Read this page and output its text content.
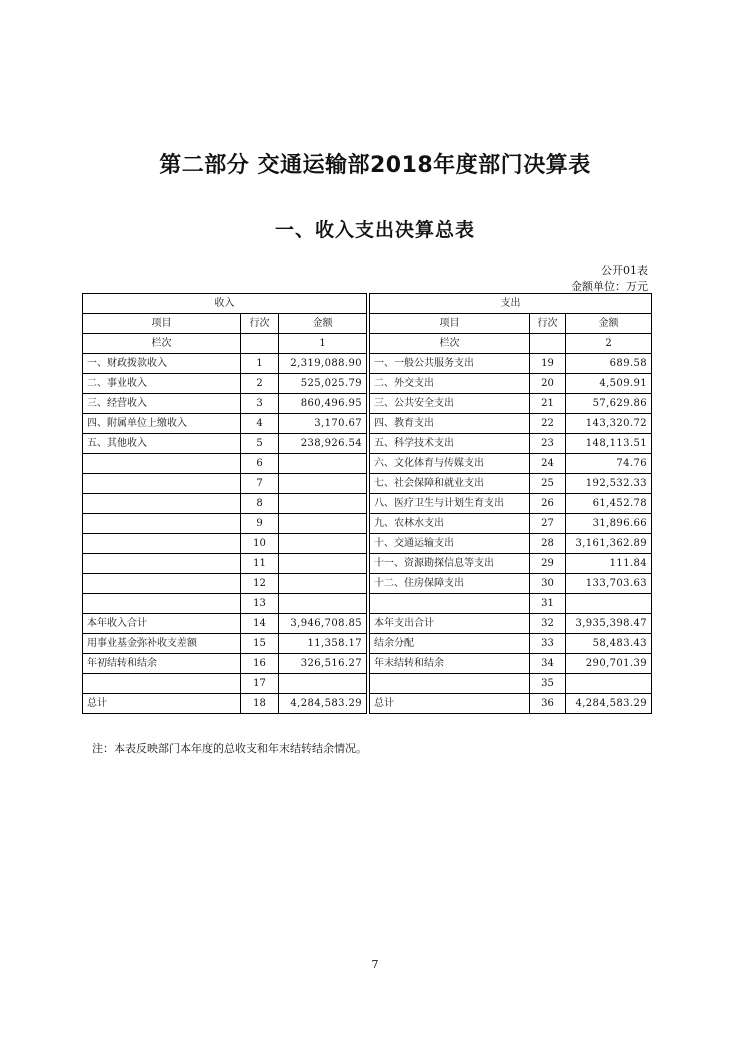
第二部分 交通运输部2018年度部门决算表
一、收入支出决算总表
公开01表
金额单位：万元
收入				支出		
项目	行次	金额		项目	行次	金额
栏次		1		栏次		2
一、财政拨款收入	1	2,319,088.90		一、一般公共服务支出	19	689.58
二、事业收入	2	525,025.79		二、外交支出	20	4,509.91
三、经营收入	3	860,496.95		三、公共安全支出	21	57,629.86
四、附属单位上缴收入	4	3,170.67		四、教育支出	22	143,320.72
五、其他收入	5	238,926.54		五、科学技术支出	23	148,113.51
	6			六、文化体育与传媒支出	24	74.76
	7			七、社会保障和就业支出	25	192,532.33
	8			八、医疗卫生与计划生育支出	26	61,452.78
	9			九、农林水支出	27	31,896.66
	10			十、交通运输支出	28	3,161,362.89
	11			十一、资源勘探信息等支出	29	111.84
	12			十二、住房保障支出	30	133,703.63
	13				31	
本年收入合计	14	3,946,708.85		本年支出合计	32	3,935,398.47
用事业基金弥补收支差额	15	11,358.17		结余分配	33	58,483.43
年初结转和结余	16	326,516.27		年末结转和结余	34	290,701.39
	17				35	
总计	18	4,284,583.29		总计	36	4,284,583.29
注：本表反映部门本年度的总收支和年末结转结余情况。
7
